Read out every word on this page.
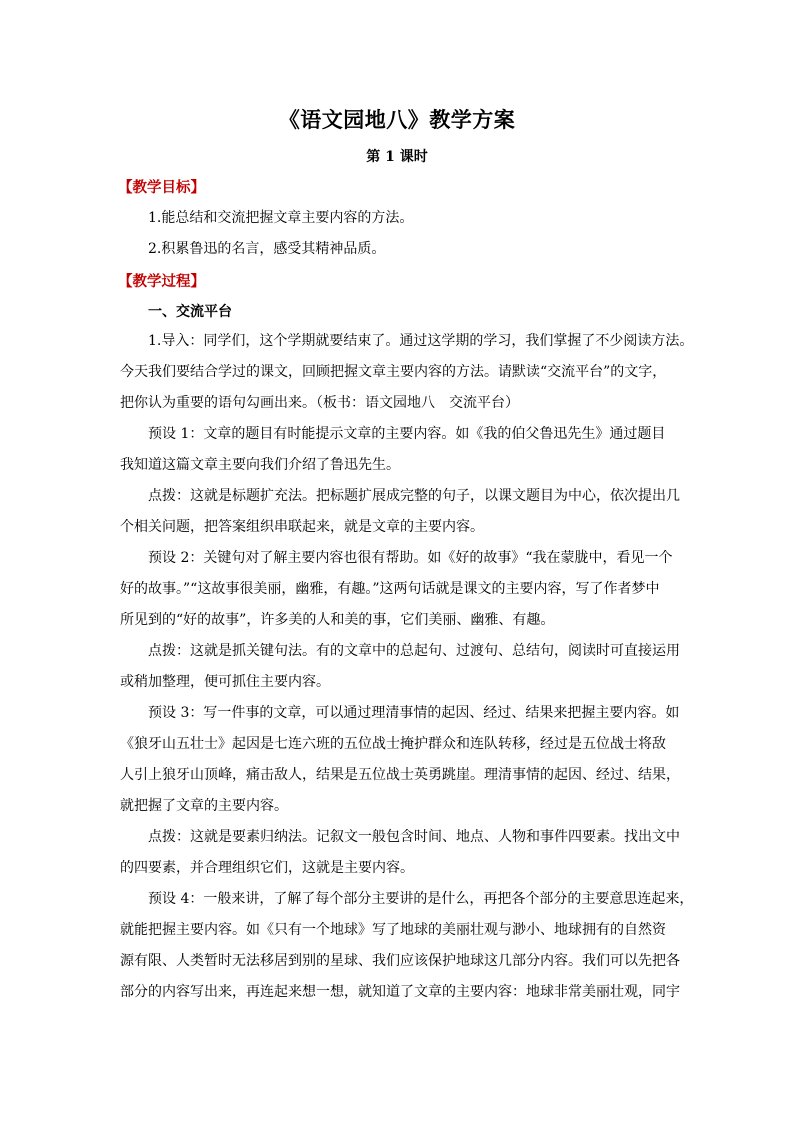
《语文园地八》教学方案
第 1 课时
【教学目标】
1.能总结和交流把握文章主要内容的方法。
2.积累鲁迅的名言，感受其精神品质。
【教学过程】
一、交流平台
1.导入：同学们，这个学期就要结束了。通过这学期的学习，我们掌握了不少阅读方法。
今天我们要结合学过的课文，回顾把握文章主要内容的方法。请默读“交流平台”的文字，
把你认为重要的语句勾画出来。（板书：语文园地八　交流平台）
预设 1：文章的题目有时能提示文章的主要内容。如《我的伯父鲁迅先生》通过题目
我知道这篇文章主要向我们介绍了鲁迅先生。
点拨：这就是标题扩充法。把标题扩展成完整的句子，以课文题目为中心，依次提出几
个相关问题，把答案组织串联起来，就是文章的主要内容。
预设 2：关键句对了解主要内容也很有帮助。如《好的故事》“我在蒙胧中，看见一个
好的故事。”“这故事很美丽，幽雅，有趣。”这两句话就是课文的主要内容，写了作者梦中
所见到的“好的故事”，许多美的人和美的事，它们美丽、幽雅、有趣。
点拨：这就是抓关键句法。有的文章中的总起句、过渡句、总结句，阅读时可直接运用
或稍加整理，便可抓住主要内容。
预设 3：写一件事的文章，可以通过理清事情的起因、经过、结果来把握主要内容。如
《狼牙山五壮士》起因是七连六班的五位战士掩护群众和连队转移，经过是五位战士将敌
人引上狼牙山顶峰，痛击敌人，结果是五位战士英勇跳崖。理清事情的起因、经过、结果，
就把握了文章的主要内容。
点拨：这就是要素归纳法。记叙文一般包含时间、地点、人物和事件四要素。找出文中
的四要素，并合理组织它们，这就是主要内容。
预设 4：一般来讲，了解了每个部分主要讲的是什么，再把各个部分的主要意思连起来，
就能把握主要内容。如《只有一个地球》写了地球的美丽壮观与渺小、地球拥有的自然资
源有限、人类暂时无法移居到别的星球、我们应该保护地球这几部分内容。我们可以先把各
部分的内容写出来，再连起来想一想，就知道了文章的主要内容：地球非常美丽壮观，同宇
